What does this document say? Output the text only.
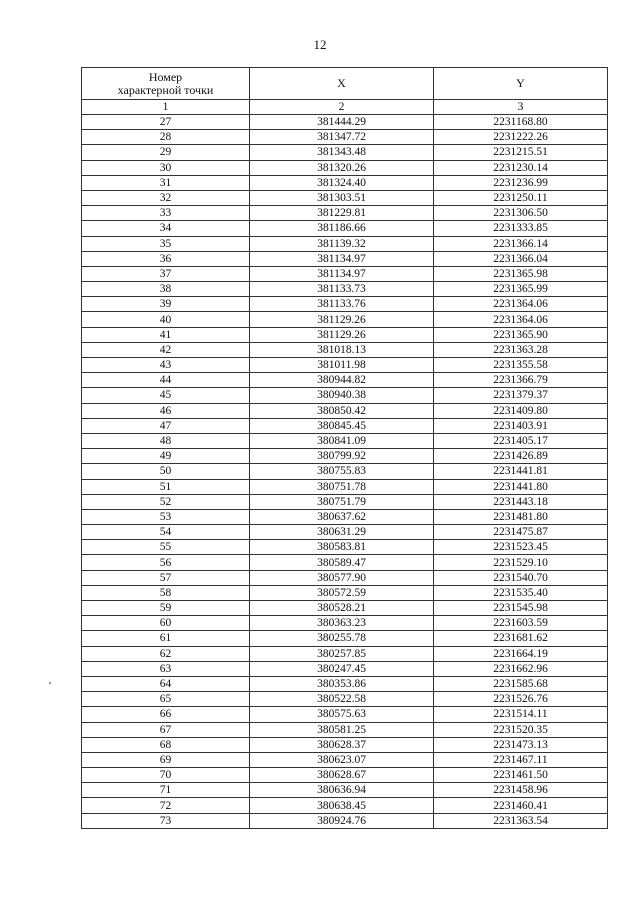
12
Номер
характерной точки	X	Y
1	2	3
27	381444.29	2231168.80
28	381347.72	2231222.26
29	381343.48	2231215.51
30	381320.26	2231230.14
31	381324.40	2231236.99
32	381303.51	2231250.11
33	381229.81	2231306.50
34	381186.66	2231333.85
35	381139.32	2231366.14
36	381134.97	2231366.04
37	381134.97	2231365.98
38	381133.73	2231365.99
39	381133.76	2231364.06
40	381129.26	2231364.06
41	381129.26	2231365.90
42	381018.13	2231363.28
43	381011.98	2231355.58
44	380944.82	2231366.79
45	380940.38	2231379.37
46	380850.42	2231409.80
47	380845.45	2231403.91
48	380841.09	2231405.17
49	380799.92	2231426.89
50	380755.83	2231441.81
51	380751.78	2231441.80
52	380751.79	2231443.18
53	380637.62	2231481.80
54	380631.29	2231475.87
55	380583.81	2231523.45
56	380589.47	2231529.10
57	380577.90	2231540.70
58	380572.59	2231535.40
59	380528.21	2231545.98
60	380363.23	2231603.59
61	380255.78	2231681.62
62	380257.85	2231664.19
63	380247.45	2231662.96
64	380353.86	2231585.68
65	380522.58	2231526.76
66	380575.63	2231514.11
67	380581.25	2231520.35
68	380628.37	2231473.13
69	380623.07	2231467.11
70	380628.67	2231461.50
71	380636.94	2231458.96
72	380638.45	2231460.41
73	380924.76	2231363.54
